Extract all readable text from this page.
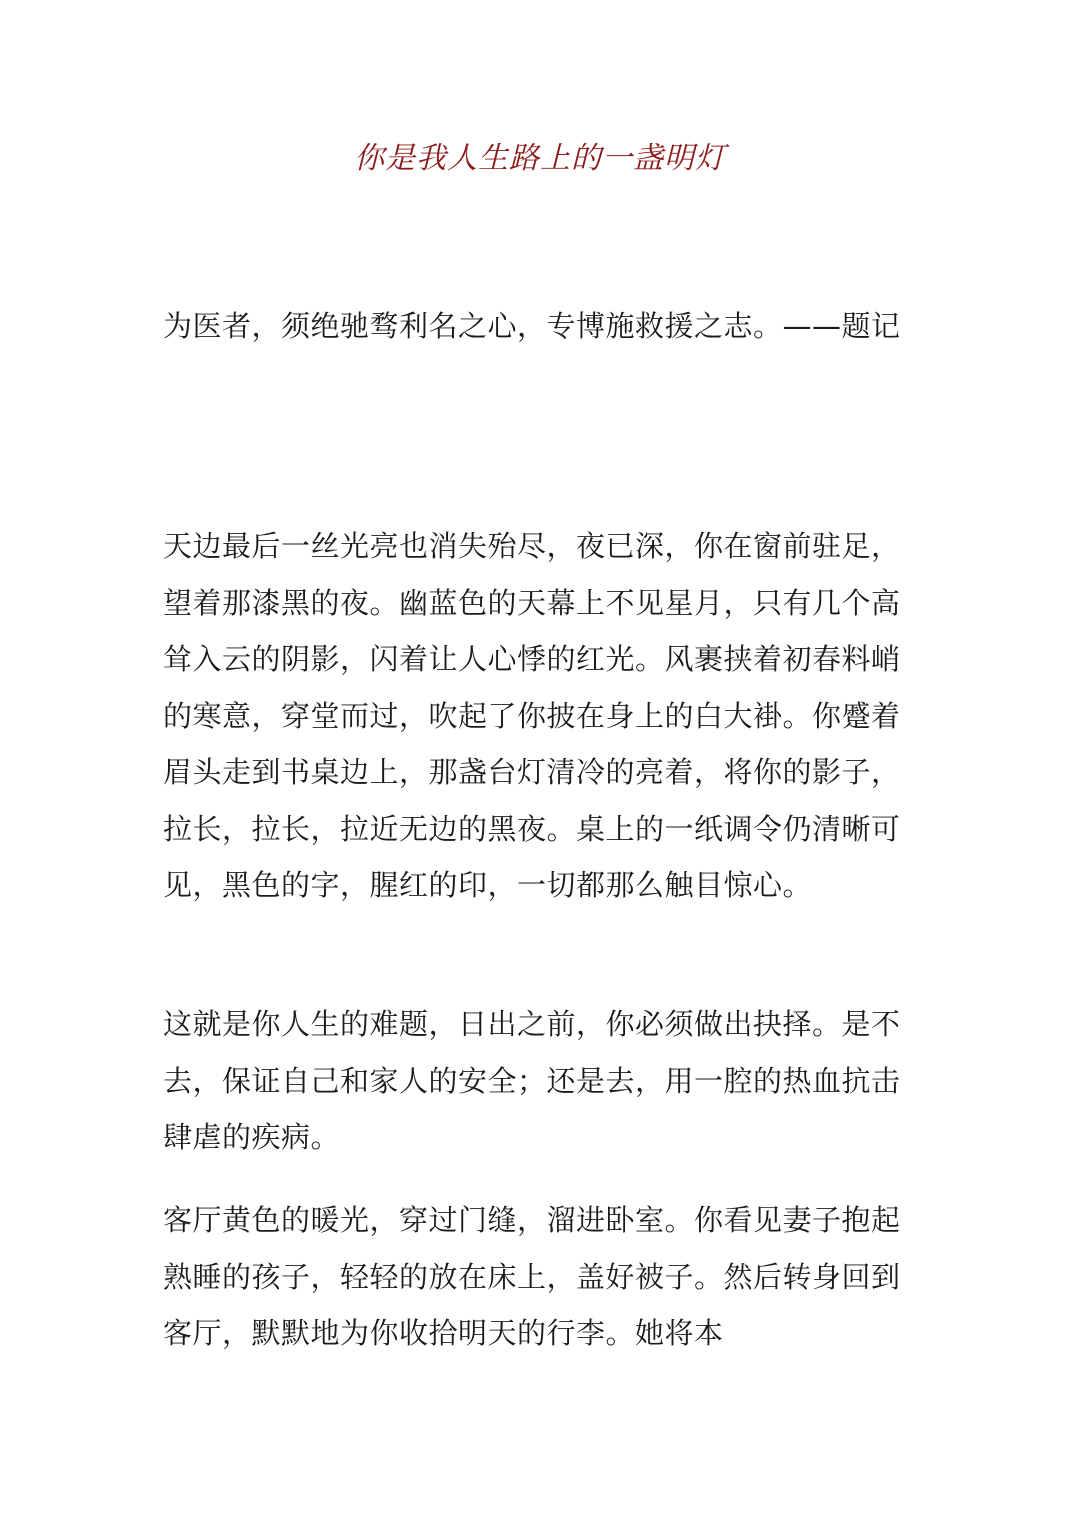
你是我人生路上的一盏明灯

为医者，须绝驰骛利名之心，专博施救援之志。——题记

天边最后一丝光亮也消失殆尽，夜已深，你在窗前驻足，望着那漆黑的夜。幽蓝色的天幕上不见星月，只有几个高耸入云的阴影，闪着让人心悸的红光。风裹挟着初春料峭的寒意，穿堂而过，吹起了你披在身上的白大褂。你蹙着眉头走到书桌边上，那盏台灯清冷的亮着，将你的影子，拉长，拉长，拉近无边的黑夜。桌上的一纸调令仍清晰可见，黑色的字，腥红的印，一切都那么触目惊心。

这就是你人生的难题，日出之前，你必须做出抉择。是不去，保证自己和家人的安全；还是去，用一腔的热血抗击肆虐的疾病。

客厅黄色的暖光，穿过门缝，溜进卧室。你看见妻子抱起熟睡的孩子，轻轻的放在床上，盖好被子。然后转身回到客厅，默默地为你收拾明天的行李。她将本
